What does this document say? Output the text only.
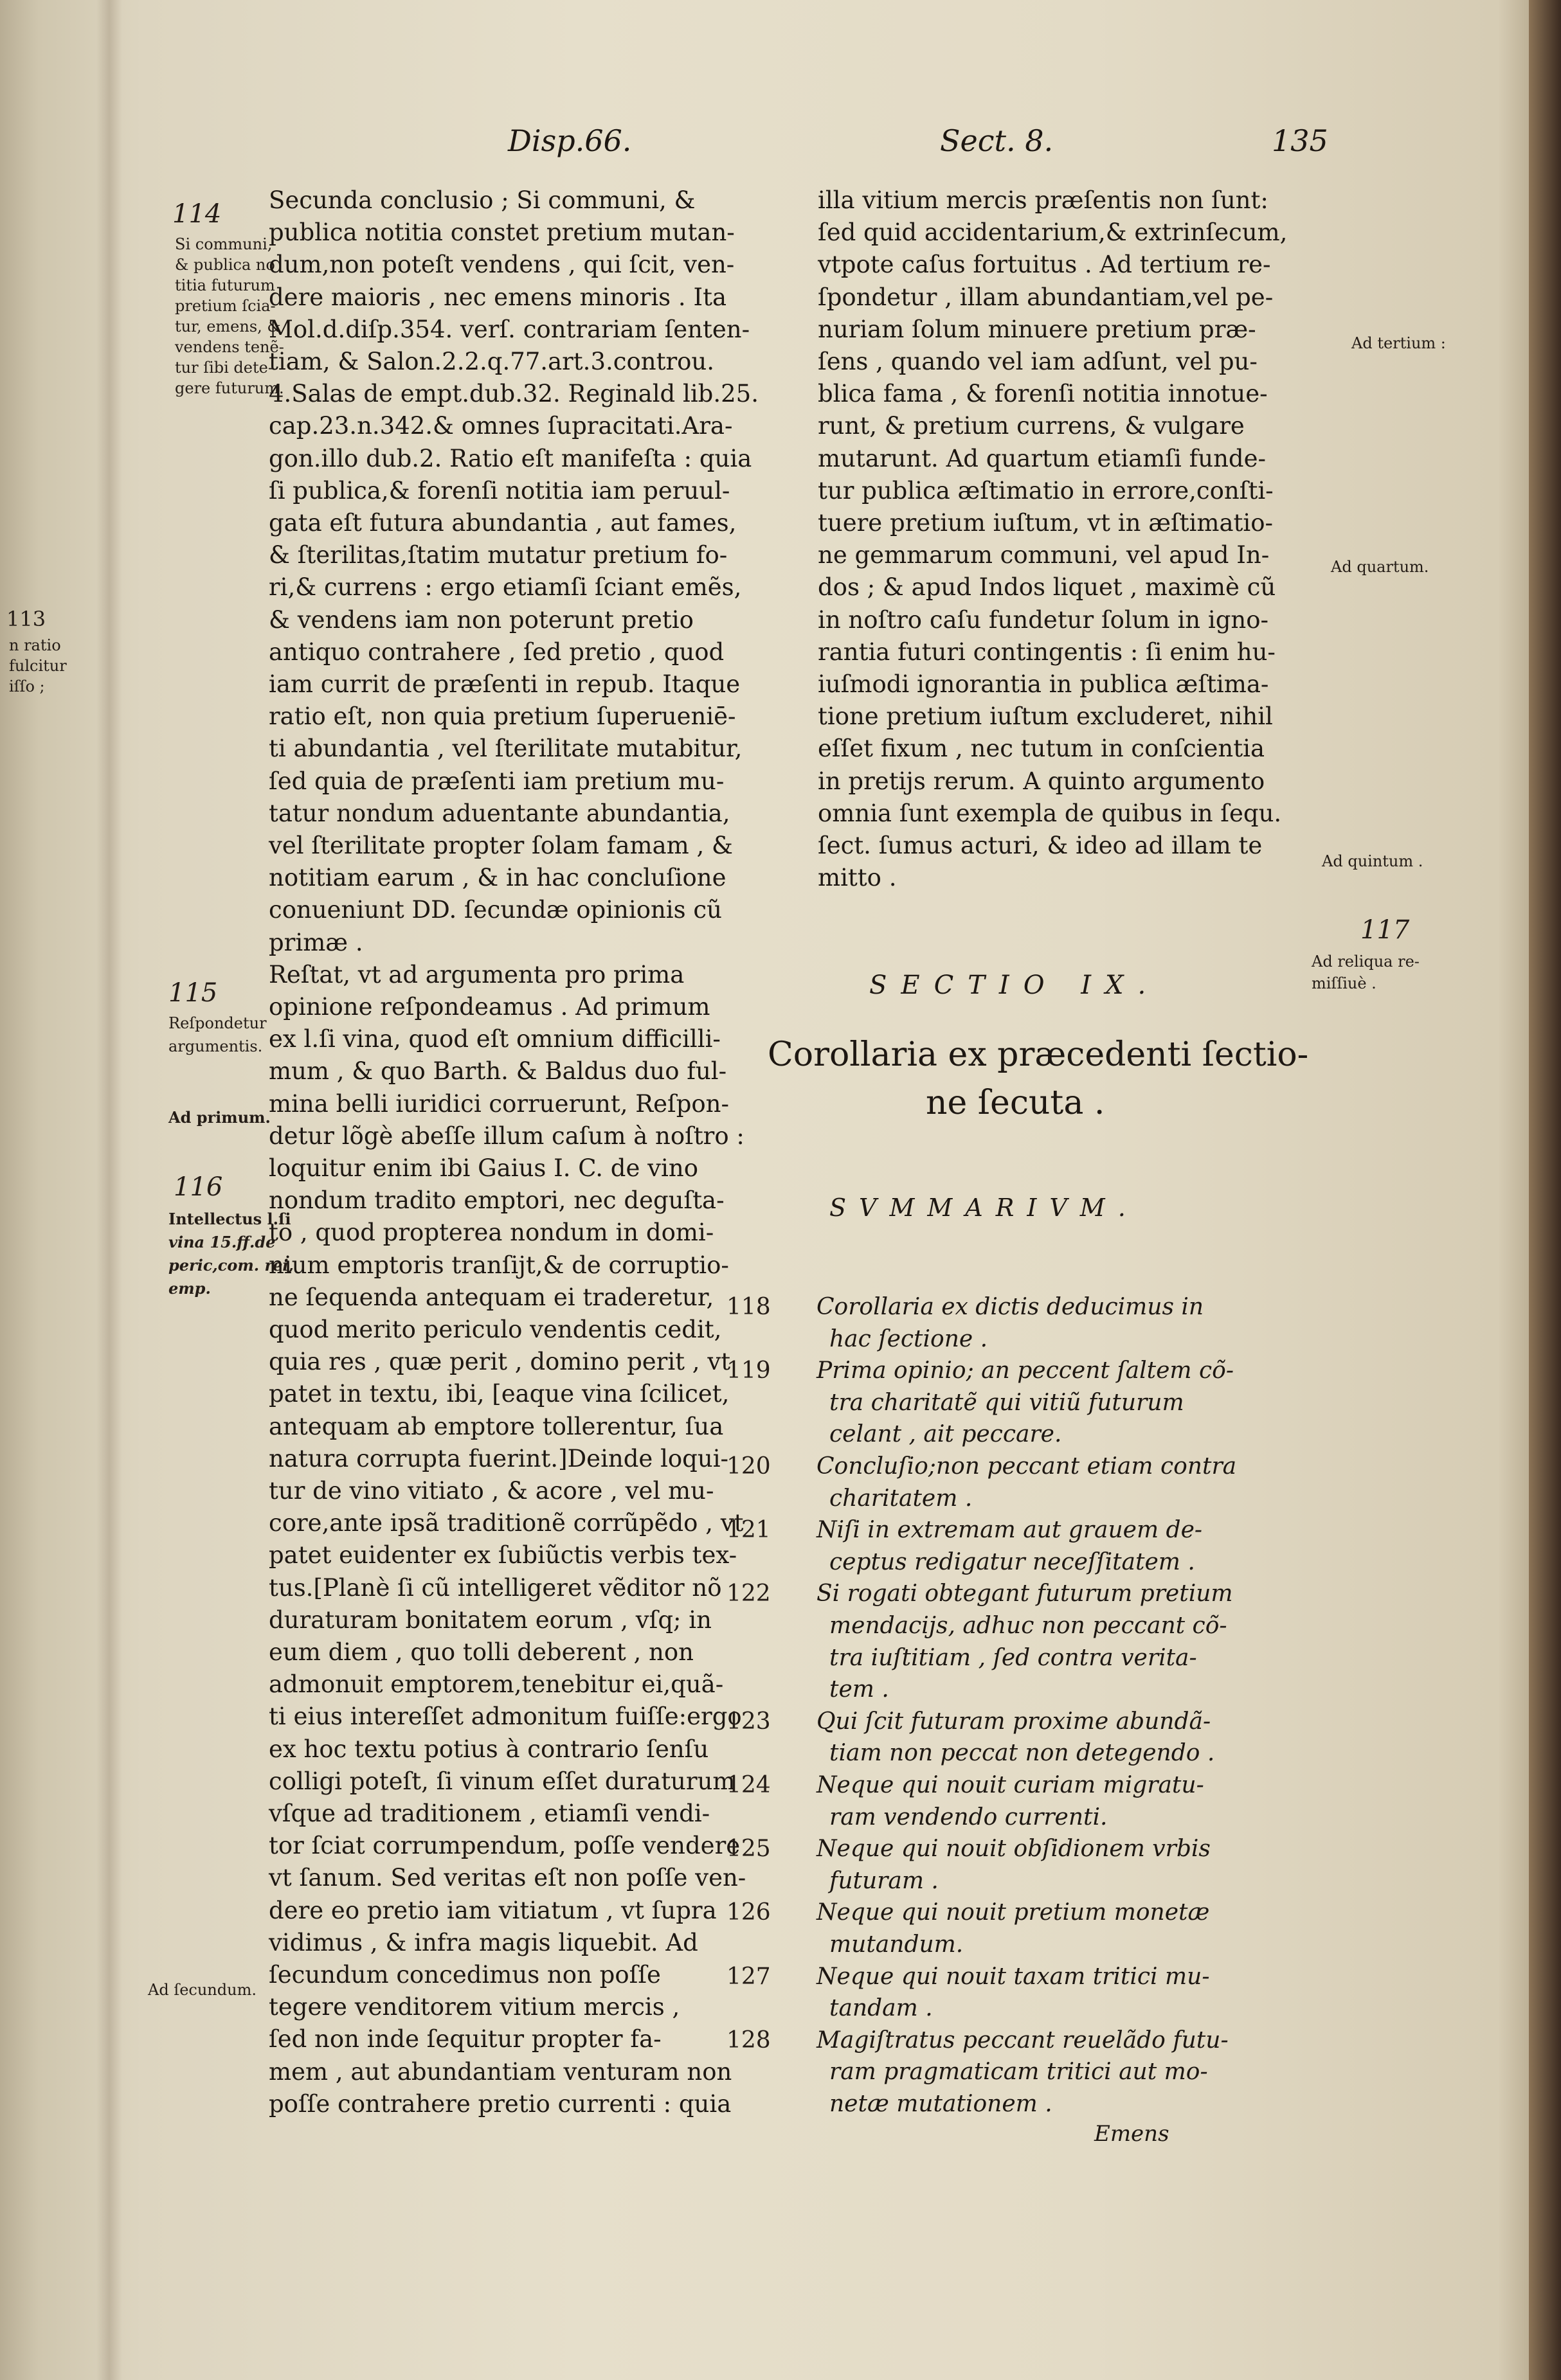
Disp.66.	Sect. 8.	135
113
n ratio
fulcitur
iſſo ;
114
Si communi,
& publica no
titia futurum
pretium ſcia-
tur, emens, &
vendens tenẽ-
tur ſibi dete-
gere futurum.
115
Reſpondetur
argumentis.
Ad primum.
116
Intellectus l.ſi
vina 15.ff.de
peric,com. rei,
emp.
Ad ſecundum.
Secunda conclusio ; Si communi, &
publica notitia constet pretium mutan-
dum,non poteſt vendens , qui ſcit, ven-
dere maioris , nec emens minoris . Ita
Mol.d.diſp.354. verſ. contrariam ſenten-
tiam, & Salon.2.2.q.77.art.3.controu.
4.Salas de empt.dub.32. Reginald lib.25.
cap.23.n.342.& omnes ſupracitati.Ara-
gon.illo dub.2. Ratio eſt manifeſta : quia
ſi publica,& forenſi notitia iam peruul-
gata eſt futura abundantia , aut fames,
& ſterilitas,ſtatim mutatur pretium fo-
ri,& currens : ergo etiamſi ſciant emẽs,
& vendens iam non poterunt pretio
antiquo contrahere , ſed pretio , quod
iam currit de præſenti in repub. Itaque
ratio eſt, non quia pretium ſuperueniē-
ti abundantia , vel ſterilitate mutabitur,
ſed quia de præſenti iam pretium mu-
tatur nondum aduentante abundantia,
vel ſterilitate propter ſolam famam , &
notitiam earum , & in hac concluſione
conueniunt DD. ſecundæ opinionis cũ
primæ .
Reſtat, vt ad argumenta pro prima
opinione reſpondeamus . Ad primum
ex l.ſi vina, quod eſt omnium difficilli-
mum , & quo Barth. & Baldus duo ful-
mina belli iuridici corruerunt, Reſpon-
detur lõgè abeſſe illum caſum à noſtro :
loquitur enim ibi Gaius I. C. de vino
nondum tradito emptori, nec deguſta-
to , quod propterea nondum in domi-
nium emptoris tranſijt,& de corruptio-
ne ſequenda antequam ei traderetur,
quod merito periculo vendentis cedit,
quia res , quæ perit , domino perit , vt
patet in textu, ibi, [eaque vina ſcilicet,
antequam ab emptore tollerentur, ſua
natura corrupta fuerint.]Deinde loqui-
tur de vino vitiato , & acore , vel mu-
core,ante ipsã traditionẽ corrũpẽdo , vt
patet euidenter ex ſubiũctis verbis tex-
tus.[Planè ſi cũ intelligeret vẽditor nõ
duraturam bonitatem eorum , vſq; in
eum diem , quo tolli deberent , non
admonuit emptorem,tenebitur ei,quã-
ti eius intereſſet admonitum fuiſſe:ergo
ex hoc textu potius à contrario ſenſu
colligi poteſt, ſi vinum eſſet duraturum
vſque ad traditionem , etiamſi vendi-
tor ſciat corrumpendum, poſſe vendere
vt ſanum. Sed veritas eſt non poſſe ven-
dere eo pretio iam vitiatum , vt ſupra
vidimus , & infra magis liquebit. Ad
ſecundum concedimus non poſſe
tegere venditorem vitium mercis ,
ſed non inde ſequitur propter fa-
mem , aut abundantiam venturam non
poſſe contrahere pretio currenti : quia
illa vitium mercis præſentis non ſunt:
ſed quid accidentarium,& extrinſecum,
vtpote caſus fortuitus . Ad tertium re-
ſpondetur , illam abundantiam,vel pe-
nuriam ſolum minuere pretium præ-
ſens , quando vel iam adſunt, vel pu-
blica fama , & forenſi notitia innotue-
runt, & pretium currens, & vulgare
mutarunt. Ad quartum etiamſi funde-
tur publica æſtimatio in errore,conſti-
tuere pretium iuſtum, vt in æſtimatio-
ne gemmarum communi, vel apud In-
dos ; & apud Indos liquet , maximè cũ
in noſtro caſu fundetur ſolum in igno-
rantia futuri contingentis : ſi enim hu-
iuſmodi ignorantia in publica æſtima-
tione pretium iuſtum excluderet, nihil
eſſet fixum , nec tutum in conſcientia
in pretijs rerum. A quinto argumento
omnia ſunt exempla de quibus in ſequ.
ſect. ſumus acturi, & ideo ad illam te
mitto .
Ad tertium :
Ad quartum.
Ad quintum .
117
Ad reliqua re-
miſſiuè .
SECTIO IX.
Corollaria ex præcedenti ſectio-
ne ſecuta .
SVMMARIVM.
118 Corollaria ex dictis deducimus in
hac ſectione .
119 Prima opinio; an peccent ſaltem cõ-
tra charitatẽ qui vitiũ futurum
celant , ait peccare.
120 Concluſio;non peccant etiam contra
charitatem .
121 Niſi in extremam aut grauem de-
ceptus redigatur neceſſitatem .
122 Si rogati obtegant futurum pretium
mendacijs, adhuc non peccant cõ-
tra iuſtitiam , ſed contra verita-
tem .
123 Qui ſcit futuram proxime abundã-
tiam non peccat non detegendo .
124 Neque qui nouit curiam migratu-
ram vendendo currenti.
125 Neque qui nouit obſidionem vrbis
futuram .
126 Neque qui nouit pretium monetæ
mutandum.
127 Neque qui nouit taxam tritici mu-
tandam .
128 Magiſtratus peccant reuelãdo futu-
ram pragmaticam tritici aut mo-
netæ mutationem .
Emens
